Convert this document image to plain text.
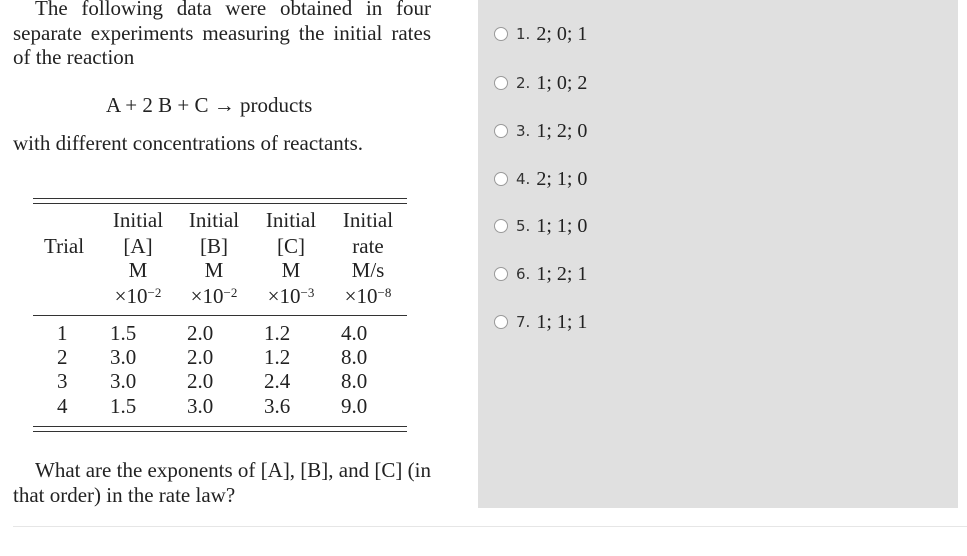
The following data were obtained in four separate experiments measuring the initial rates of the reaction
A + 2 B + C → products
with different concentrations of reactants.
Trial
Initial
[A]
M
$\times 10^{-2}$
Initial
[B]
M
$\times 10^{-2}$
Initial
[C]
M
$\times 10^{-3}$
Initial
rate
M/s
$\times 10^{-8}$
1 1.5 2.0 1.2 4.0
2 3.0 2.0 1.2 8.0
3 3.0 2.0 2.4 8.0
4 1.5 3.0 3.6 9.0
What are the exponents of [A], [B], and [C] (in that order) in the rate law?
1. 2; 0; 1
2. 1; 0; 2
3. 1; 2; 0
4. 2; 1; 0
5. 1; 1; 0
6. 1; 2; 1
7. 1; 1; 1
